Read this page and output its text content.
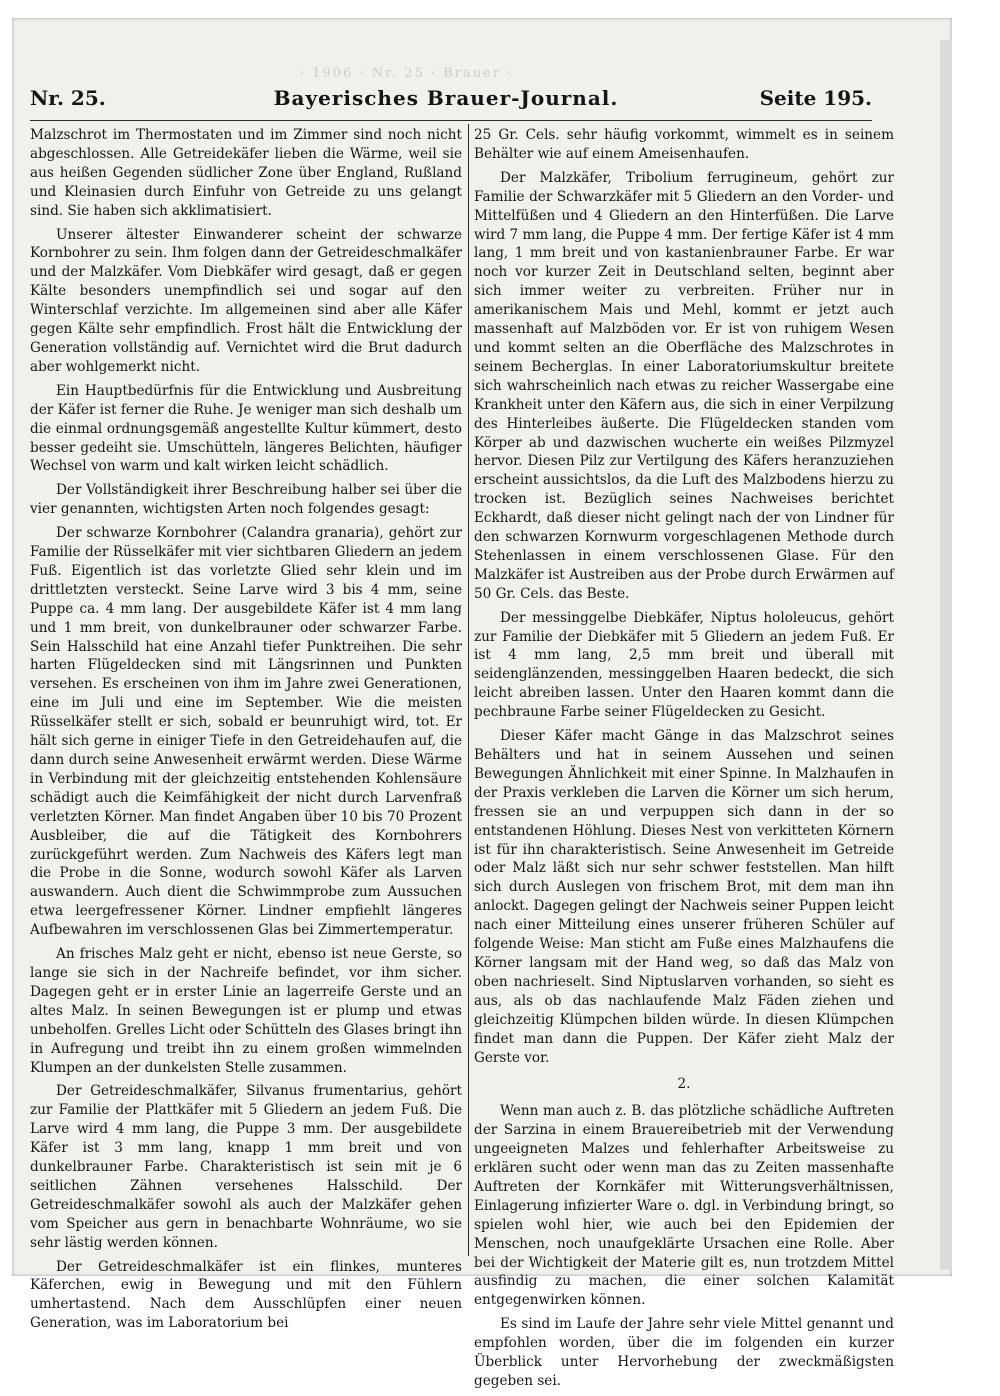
· 1906 · Nr. 25 · Brauer ·
Nr. 25.	Bayerisches Brauer-Journal.	Seite 195.

Malzschrot im Thermostaten und im Zimmer sind noch nicht abgeschlossen. Alle Getreidekäfer lieben die Wärme, weil sie aus heißen Gegenden südlicher Zone über England, Rußland und Kleinasien durch Einfuhr von Getreide zu uns gelangt sind. Sie haben sich akklimatisiert.

Unserer ältester Einwanderer scheint der schwarze Kornbohrer zu sein. Ihm folgen dann der Getreideschmalkäfer und der Malzkäfer. Vom Diebkäfer wird gesagt, daß er gegen Kälte besonders unempfindlich sei und sogar auf den Winterschlaf verzichte. Im allgemeinen sind aber alle Käfer gegen Kälte sehr empfindlich. Frost hält die Entwicklung der Generation vollständig auf. Vernichtet wird die Brut dadurch aber wohlgemerkt nicht.

Ein Hauptbedürfnis für die Entwicklung und Ausbreitung der Käfer ist ferner die Ruhe. Je weniger man sich deshalb um die einmal ordnungsgemäß angestellte Kultur kümmert, desto besser gedeiht sie. Umschütteln, längeres Belichten, häufiger Wechsel von warm und kalt wirken leicht schädlich.

Der Vollständigkeit ihrer Beschreibung halber sei über die vier genannten, wichtigsten Arten noch folgendes gesagt:

Der schwarze Kornbohrer (Calandra granaria), gehört zur Familie der Rüsselkäfer mit vier sichtbaren Gliedern an jedem Fuß. Eigentlich ist das vorletzte Glied sehr klein und im drittletzten versteckt. Seine Larve wird 3 bis 4 mm, seine Puppe ca. 4 mm lang. Der ausgebildete Käfer ist 4 mm lang und 1 mm breit, von dunkelbrauner oder schwarzer Farbe. Sein Halsschild hat eine Anzahl tiefer Punktreihen. Die sehr harten Flügeldecken sind mit Längsrinnen und Punkten versehen. Es erscheinen von ihm im Jahre zwei Generationen, eine im Juli und eine im September. Wie die meisten Rüsselkäfer stellt er sich, sobald er beunruhigt wird, tot. Er hält sich gerne in einiger Tiefe in den Getreidehaufen auf, die dann durch seine Anwesenheit erwärmt werden. Diese Wärme in Verbindung mit der gleichzeitig entstehenden Kohlensäure schädigt auch die Keimfähigkeit der nicht durch Larvenfraß verletzten Körner. Man findet Angaben über 10 bis 70 Prozent Ausbleiber, die auf die Tätigkeit des Kornbohrers zurückgeführt werden. Zum Nachweis des Käfers legt man die Probe in die Sonne, wodurch sowohl Käfer als Larven auswandern. Auch dient die Schwimmprobe zum Aussuchen etwa leergefressener Körner. Lindner empfiehlt längeres Aufbewahren im verschlossenen Glas bei Zimmertemperatur.

An frisches Malz geht er nicht, ebenso ist neue Gerste, so lange sie sich in der Nachreife befindet, vor ihm sicher. Dagegen geht er in erster Linie an lagerreife Gerste und an altes Malz. In seinen Bewegungen ist er plump und etwas unbeholfen. Grelles Licht oder Schütteln des Glases bringt ihn in Aufregung und treibt ihn zu einem großen wimmelnden Klumpen an der dunkelsten Stelle zusammen.

Der Getreideschmalkäfer, Silvanus frumentarius, gehört zur Familie der Plattkäfer mit 5 Gliedern an jedem Fuß. Die Larve wird 4 mm lang, die Puppe 3 mm. Der ausgebildete Käfer ist 3 mm lang, knapp 1 mm breit und von dunkelbrauner Farbe. Charakteristisch ist sein mit je 6 seitlichen Zähnen versehenes Halsschild. Der Getreideschmalkäfer sowohl als auch der Malzkäfer gehen vom Speicher aus gern in benachbarte Wohnräume, wo sie sehr lästig werden können.

Der Getreideschmalkäfer ist ein flinkes, munteres Käferchen, ewig in Bewegung und mit den Fühlern umhertastend. Nach dem Ausschlüpfen einer neuen Generation, was im Laboratorium bei

25 Gr. Cels. sehr häufig vorkommt, wimmelt es in seinem Behälter wie auf einem Ameisenhaufen.

Der Malzkäfer, Tribolium ferrugineum, gehört zur Familie der Schwarzkäfer mit 5 Gliedern an den Vorder- und Mittelfüßen und 4 Gliedern an den Hinterfüßen. Die Larve wird 7 mm lang, die Puppe 4 mm. Der fertige Käfer ist 4 mm lang, 1 mm breit und von kastanienbrauner Farbe. Er war noch vor kurzer Zeit in Deutschland selten, beginnt aber sich immer weiter zu verbreiten. Früher nur in amerikanischem Mais und Mehl, kommt er jetzt auch massenhaft auf Malzböden vor. Er ist von ruhigem Wesen und kommt selten an die Oberfläche des Malzschrotes in seinem Becherglas. In einer Laboratoriumskultur breitete sich wahrscheinlich nach etwas zu reicher Wassergabe eine Krankheit unter den Käfern aus, die sich in einer Verpilzung des Hinterleibes äußerte. Die Flügeldecken standen vom Körper ab und dazwischen wucherte ein weißes Pilzmyzel hervor. Diesen Pilz zur Vertilgung des Käfers heranzuziehen erscheint aussichtslos, da die Luft des Malzbodens hierzu zu trocken ist. Bezüglich seines Nachweises berichtet Eckhardt, daß dieser nicht gelingt nach der von Lindner für den schwarzen Kornwurm vorgeschlagenen Methode durch Stehenlassen in einem verschlossenen Glase. Für den Malzkäfer ist Austreiben aus der Probe durch Erwärmen auf 50 Gr. Cels. das Beste.

Der messinggelbe Diebkäfer, Niptus hololeucus, gehört zur Familie der Diebkäfer mit 5 Gliedern an jedem Fuß. Er ist 4 mm lang, 2,5 mm breit und überall mit seidenglänzenden, messinggelben Haaren bedeckt, die sich leicht abreiben lassen. Unter den Haaren kommt dann die pechbraune Farbe seiner Flügeldecken zu Gesicht.

Dieser Käfer macht Gänge in das Malzschrot seines Behälters und hat in seinem Aussehen und seinen Bewegungen Ähnlichkeit mit einer Spinne. In Malzhaufen in der Praxis verkleben die Larven die Körner um sich herum, fressen sie an und verpuppen sich dann in der so entstandenen Höhlung. Dieses Nest von verkitteten Körnern ist für ihn charakteristisch. Seine Anwesenheit im Getreide oder Malz läßt sich nur sehr schwer feststellen. Man hilft sich durch Auslegen von frischem Brot, mit dem man ihn anlockt. Dagegen gelingt der Nachweis seiner Puppen leicht nach einer Mitteilung eines unserer früheren Schüler auf folgende Weise: Man sticht am Fuße eines Malzhaufens die Körner langsam mit der Hand weg, so daß das Malz von oben nachrieselt. Sind Niptuslarven vorhanden, so sieht es aus, als ob das nachlaufende Malz Fäden ziehen und gleichzeitig Klümpchen bilden würde. In diesen Klümpchen findet man dann die Puppen. Der Käfer zieht Malz der Gerste vor.

2.

Wenn man auch z. B. das plötzliche schädliche Auftreten der Sarzina in einem Brauereibetrieb mit der Verwendung ungeeigneten Malzes und fehlerhafter Arbeitsweise zu erklären sucht oder wenn man das zu Zeiten massenhafte Auftreten der Kornkäfer mit Witterungsverhältnissen, Einlagerung infizierter Ware o. dgl. in Verbindung bringt, so spielen wohl hier, wie auch bei den Epidemien der Menschen, noch unaufgeklärte Ursachen eine Rolle. Aber bei der Wichtigkeit der Materie gilt es, nun trotzdem Mittel ausfindig zu machen, die einer solchen Kalamität entgegenwirken können.

Es sind im Laufe der Jahre sehr viele Mittel genannt und empfohlen worden, über die im folgenden ein kurzer Überblick unter Hervorhebung der zweckmäßigsten gegeben sei.
